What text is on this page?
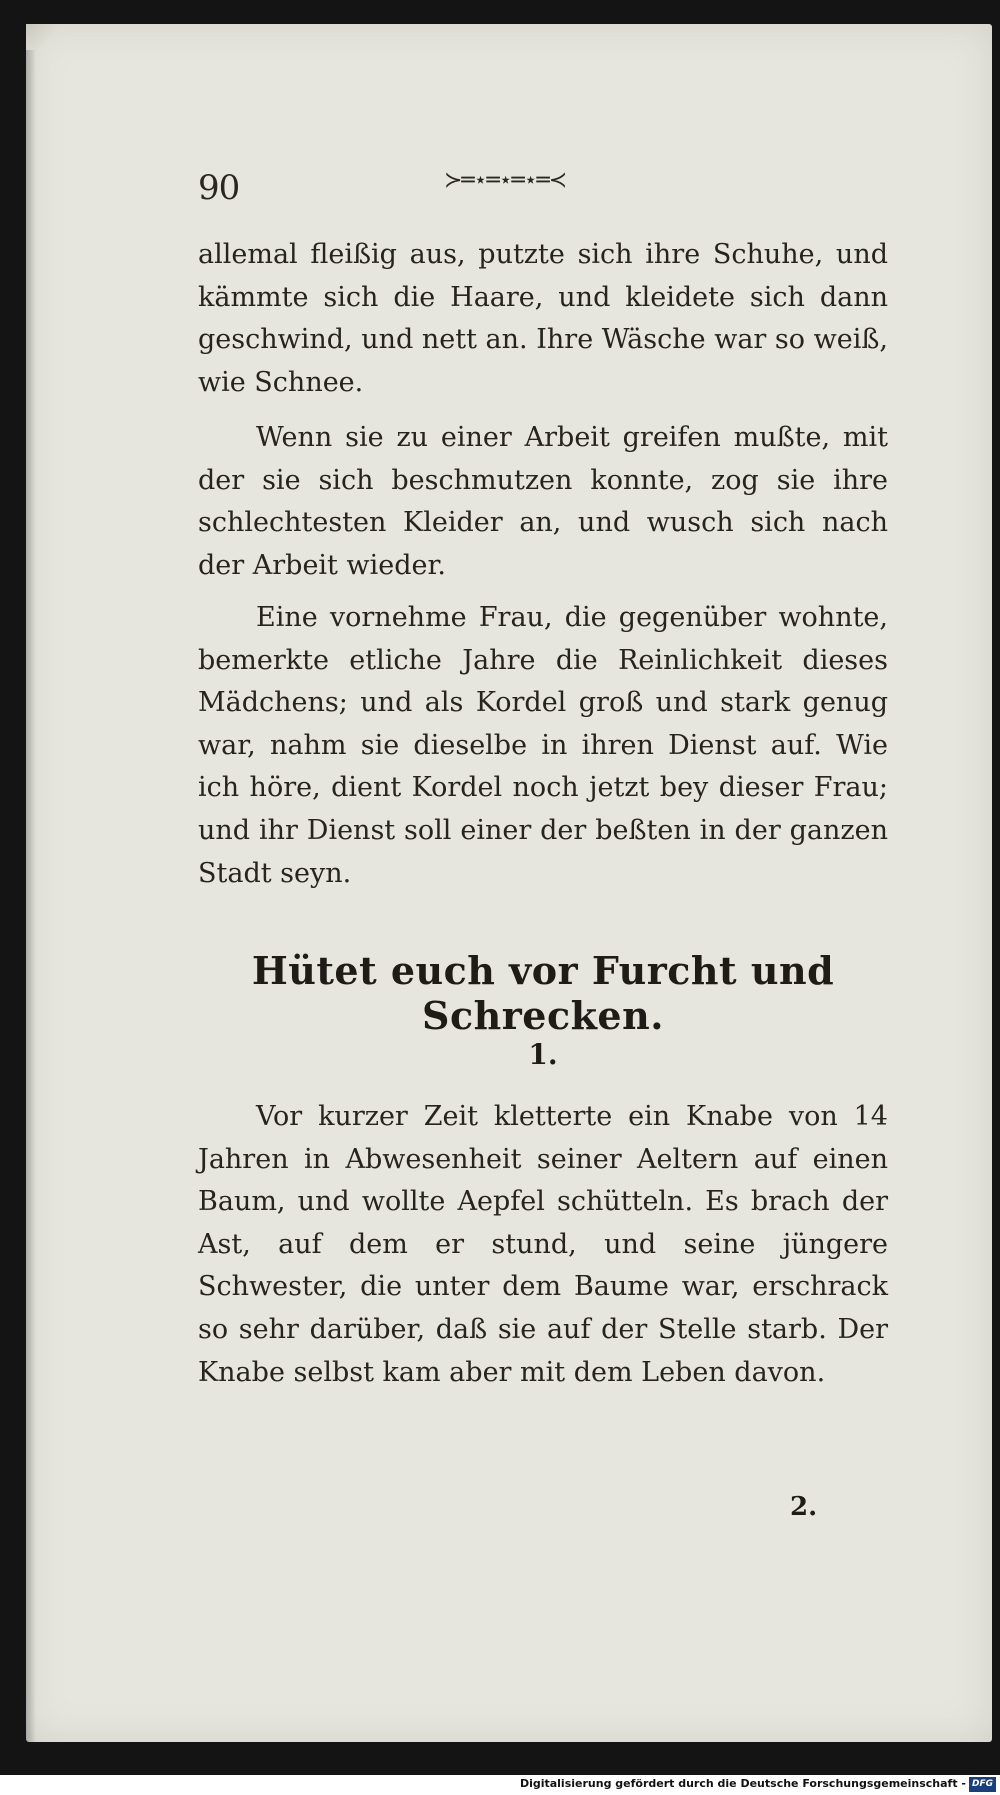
90	≻═⋆═⋆═⋆═≺

allemal fleißig aus, putzte sich ihre Schuhe, und kämmte sich die Haare, und kleidete sich dann geschwind, und nett an. Ihre Wäsche war so weiß, wie Schnee.

Wenn sie zu einer Arbeit greifen mußte, mit der sie sich beschmutzen konnte, zog sie ihre schlechtesten Kleider an, und wusch sich nach der Arbeit wieder.

Eine vornehme Frau, die gegenüber wohnte, bemerkte etliche Jahre die Reinlichkeit dieses Mädchens; und als Kordel groß und stark genug war, nahm sie dieselbe in ihren Dienst auf. Wie ich höre, dient Kordel noch jetzt bey dieser Frau; und ihr Dienst soll einer der beßten in der ganzen Stadt seyn.

Hütet euch vor Furcht und Schrecken.
1.

Vor kurzer Zeit kletterte ein Knabe von 14 Jahren in Abwesenheit seiner Aeltern auf einen Baum, und wollte Aepfel schütteln. Es brach der Ast, auf dem er stund, und seine jüngere Schwester, die unter dem Baume war, erschrack so sehr darüber, daß sie auf der Stelle starb. Der Knabe selbst kam aber mit dem Leben davon.

2.
Digitalisierung gefördert durch die Deutsche Forschungsgemeinschaft - DFG
